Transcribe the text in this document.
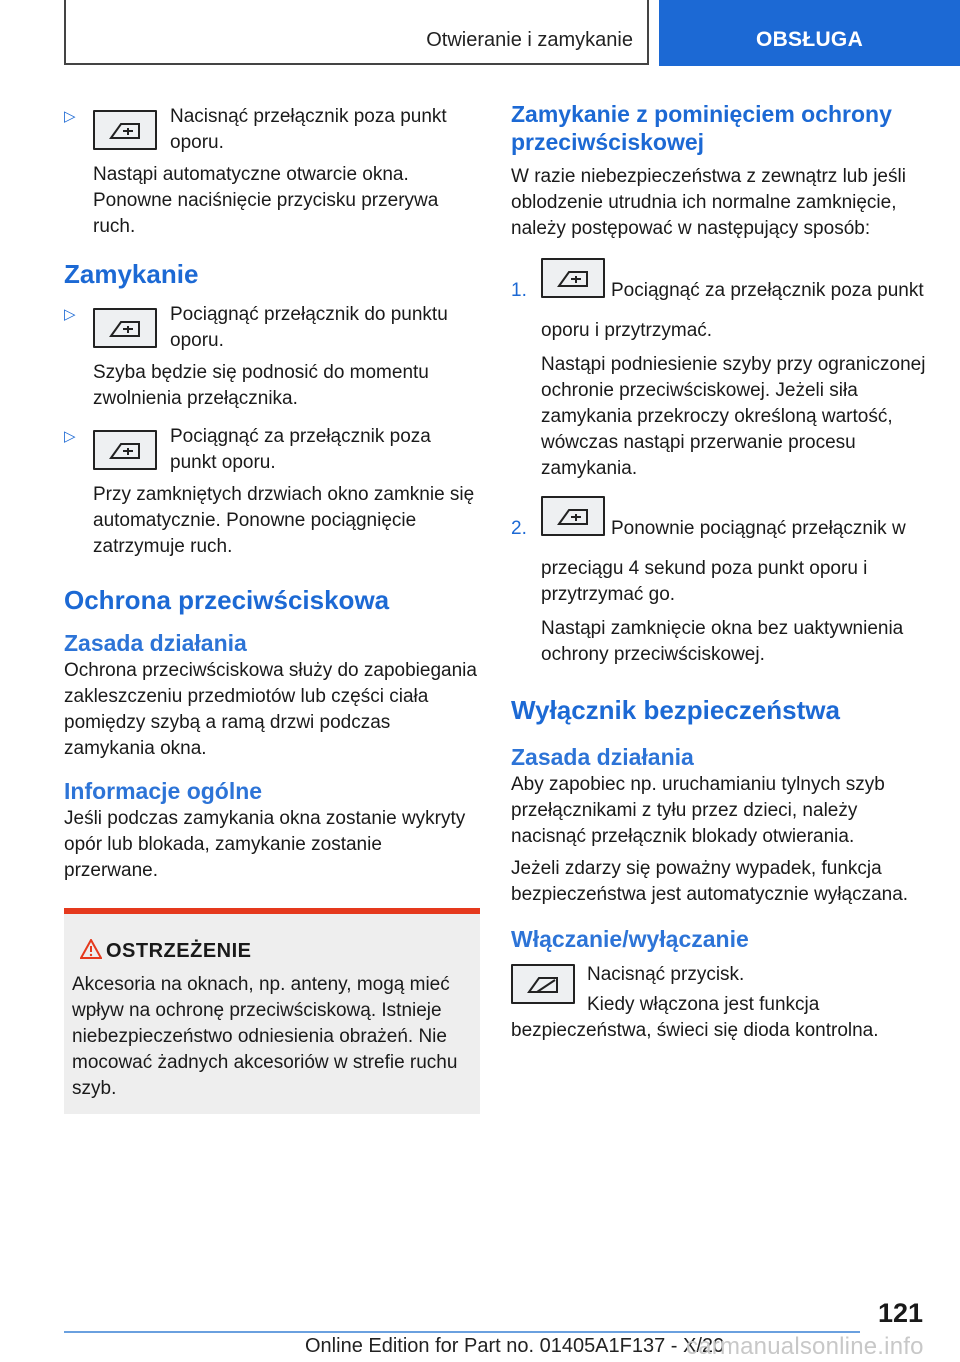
Otwieranie i zamykanie	OBSŁUGA
▷	Nacisnąć przełącznik poza punkt oporu.

Nastąpi automatyczne otwarcie okna. Ponowne naciśnięcie przycisku przerywa ruch.

Zamykanie
▷	Pociągnąć przełącznik do punktu oporu.

Szyba będzie się podnosić do momentu zwolnienia przełącznika.

▷	Pociągnąć za przełącznik poza punkt oporu.

Przy zamkniętych drzwiach okno zamknie się automatycznie. Ponowne pociągnięcie zatrzymuje ruch.

Ochrona przeciwściskowa
Zasada działania

Ochrona przeciwściskowa służy do zapobiegania zakleszczeniu przedmiotów lub części ciała pomiędzy szybą a ramą drzwi podczas zamykania okna.

Informacje ogólne

Jeśli podczas zamykania okna zostanie wykryty opór lub blokada, zamykanie zostanie przerwane.

OSTRZEŻENIE

Akcesoria na oknach, np. anteny, mogą mieć wpływ na ochronę przeciwściskową. Istnieje niebezpieczeństwo odniesienia obrażeń. Nie mocować żadnych akcesoriów w strefie ruchu szyb.

Zamykanie z pominięciem ochrony przeciwściskowej

W razie niebezpieczeństwa z zewnątrz lub jeśli oblodzenie utrudnia ich normalne zamknięcie, należy postępować w następujący sposób:

1.	Pociągnąć za przełącznik poza punkt oporu i przytrzymać.

Nastąpi podniesienie szyby przy ograniczonej ochronie przeciwściskowej. Jeżeli siła zamykania przekroczy określoną wartość, wówczas nastąpi przerwanie procesu zamykania.

2.	Ponownie pociągnąć przełącznik w przeciągu 4 sekund poza punkt oporu i przytrzymać go.

Nastąpi zamknięcie okna bez uaktywnienia ochrony przeciwściskowej.

Wyłącznik bezpieczeństwa
Zasada działania

Aby zapobiec np. uruchamianiu tylnych szyb przełącznikami z tyłu przez dzieci, należy nacisnąć przełącznik blokady otwierania.

Jeżeli zdarzy się poważny wypadek, funkcja bezpieczeństwa jest automatycznie wyłączana.

Włączanie/wyłączanie

Nacisnąć przycisk.

Kiedy włączona jest funkcja bezpieczeństwa, świeci się dioda kontrolna.

121
Online Edition for Part no. 01405A1F137 - X/20
carmanualsonline.info
